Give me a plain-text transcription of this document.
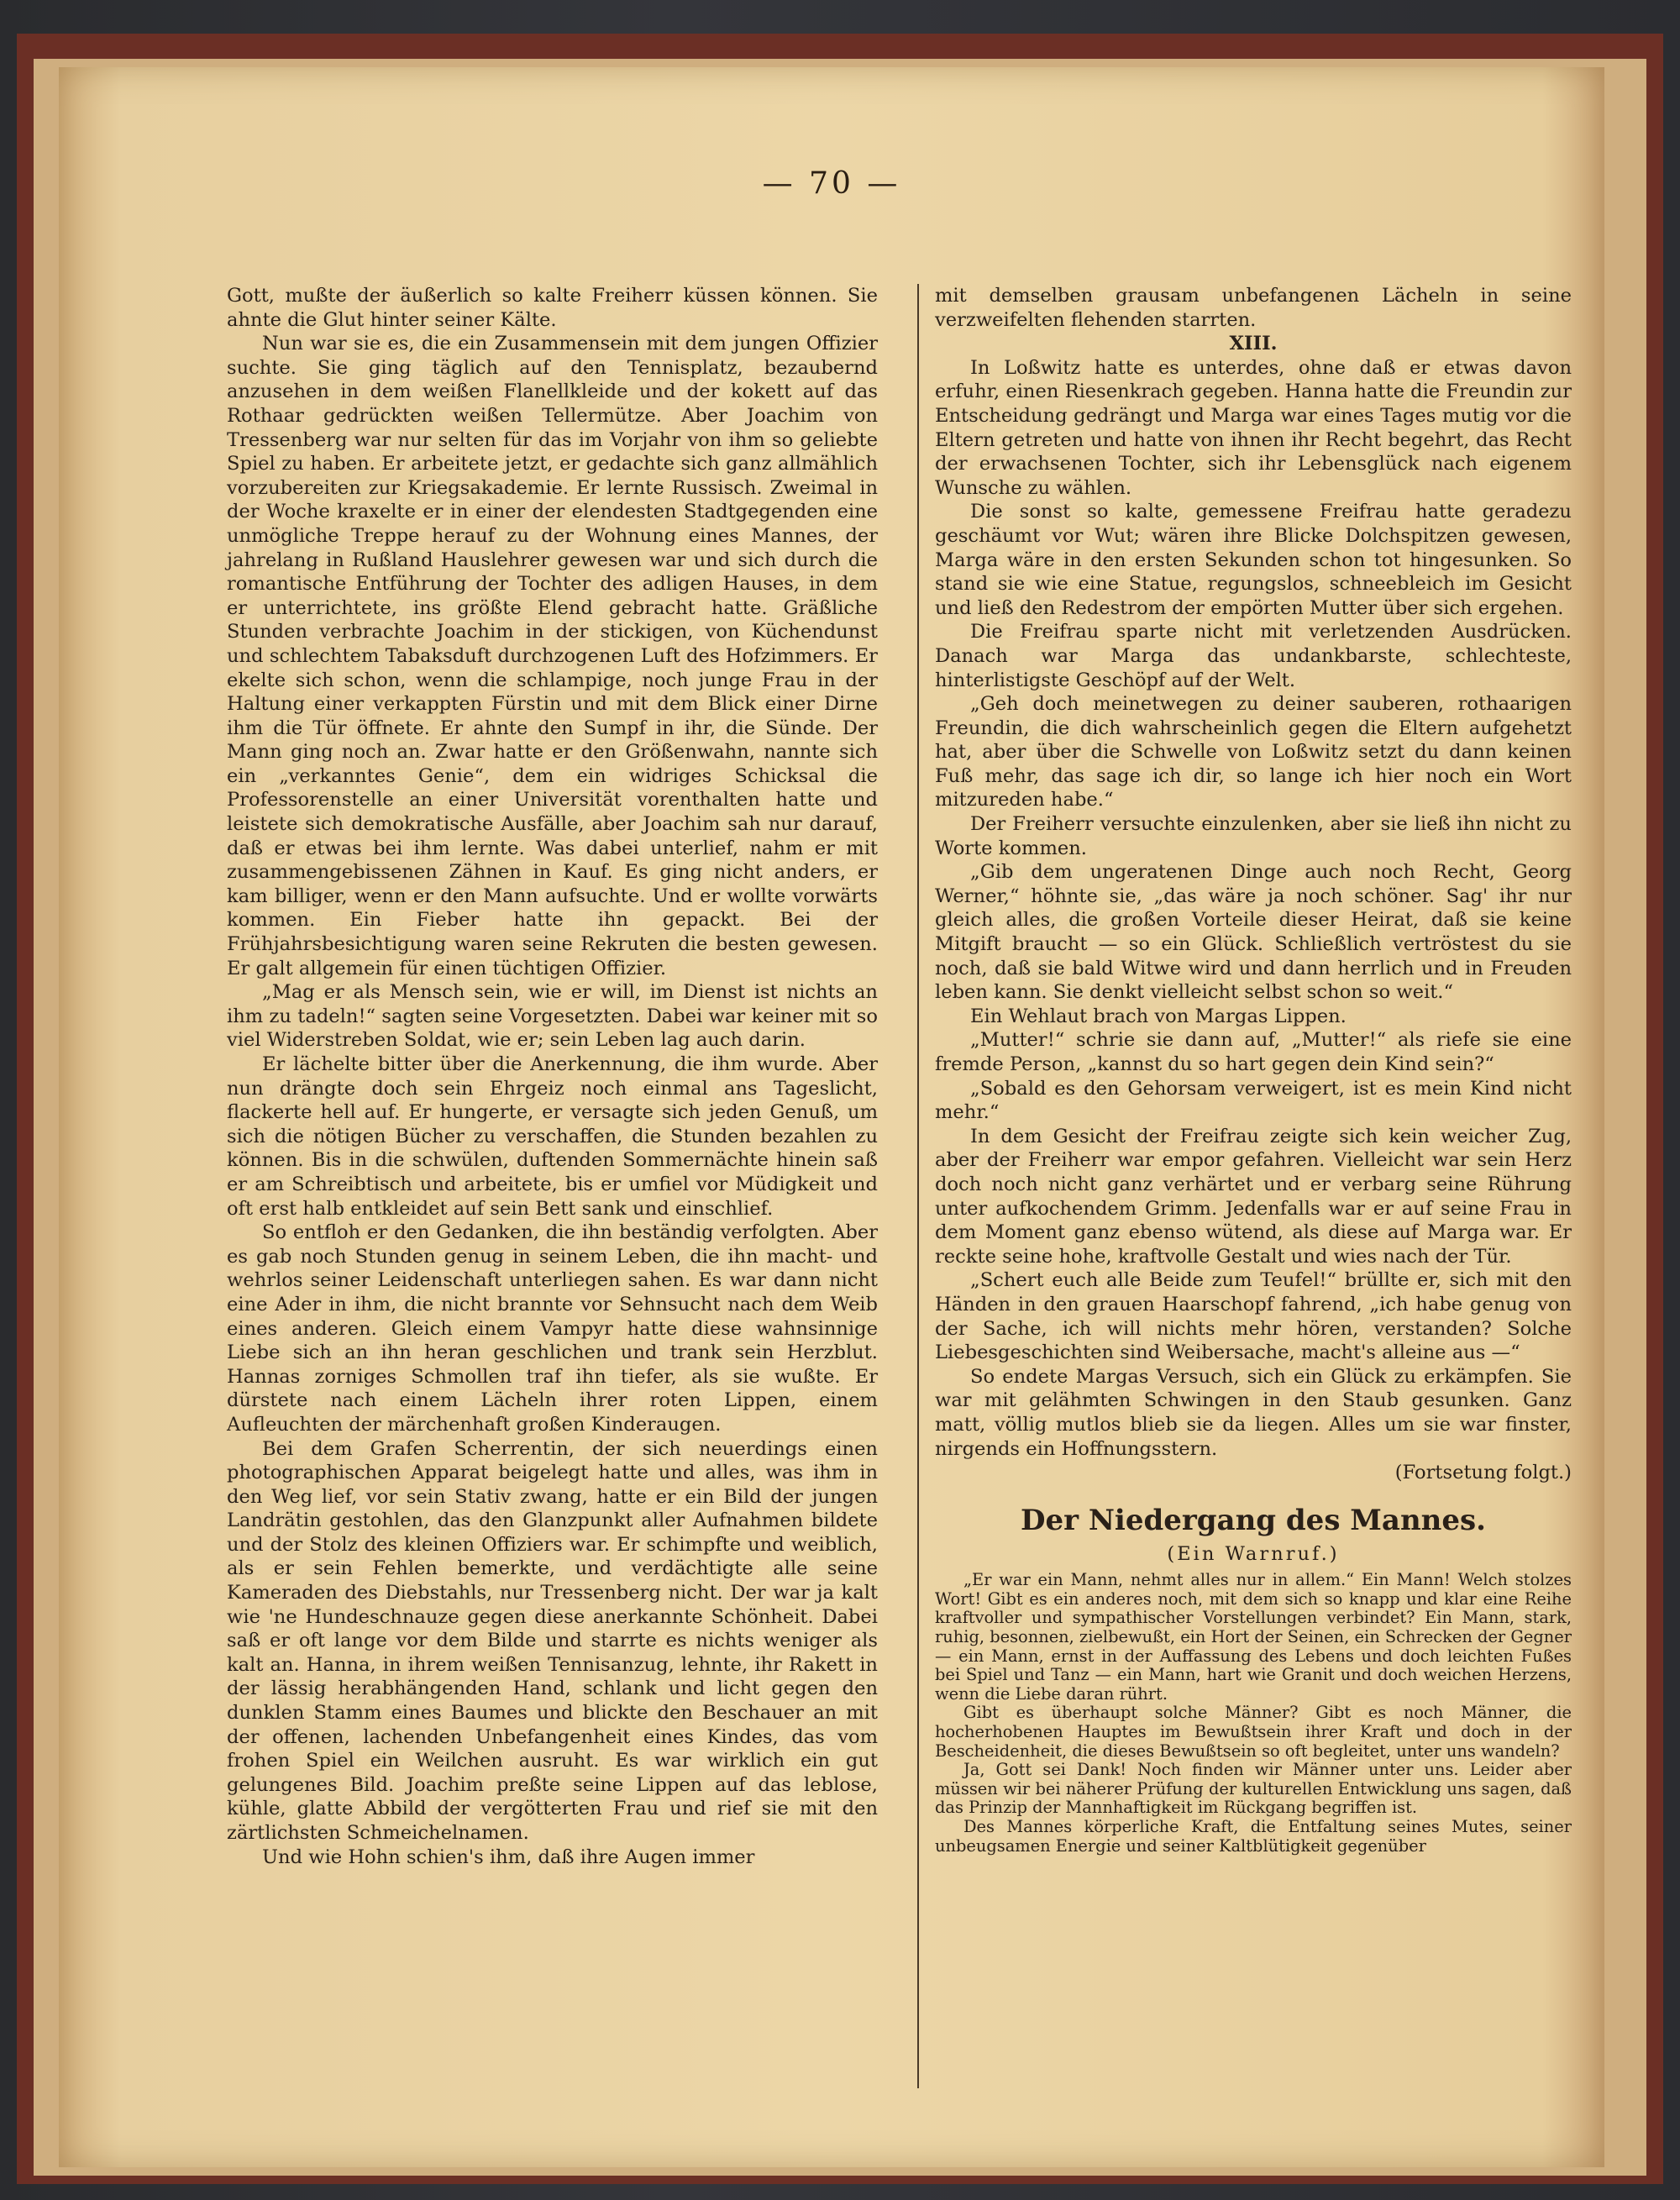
— 70 —

Gott, mußte der äußerlich so kalte Freiherr küssen können. Sie ahnte die Glut hinter seiner Kälte.

Nun war sie es, die ein Zusammensein mit dem jungen Offizier suchte. Sie ging täglich auf den Tennisplatz, bezaubernd anzusehen in dem weißen Flanellkleide und der kokett auf das Rothaar gedrückten weißen Tellermütze. Aber Joachim von Tressenberg war nur selten für das im Vorjahr von ihm so geliebte Spiel zu haben. Er arbeitete jetzt, er gedachte sich ganz allmählich vorzubereiten zur Kriegsakademie. Er lernte Russisch. Zweimal in der Woche kraxelte er in einer der elendesten Stadtgegenden eine unmögliche Treppe herauf zu der Wohnung eines Mannes, der jahrelang in Rußland Hauslehrer gewesen war und sich durch die romantische Entführung der Tochter des adligen Hauses, in dem er unterrichtete, ins größte Elend gebracht hatte. Gräßliche Stunden verbrachte Joachim in der stickigen, von Küchendunst und schlechtem Tabaksduft durchzogenen Luft des Hofzimmers. Er ekelte sich schon, wenn die schlampige, noch junge Frau in der Haltung einer verkappten Fürstin und mit dem Blick einer Dirne ihm die Tür öffnete. Er ahnte den Sumpf in ihr, die Sünde. Der Mann ging noch an. Zwar hatte er den Größenwahn, nannte sich ein „verkanntes Genie“, dem ein widriges Schicksal die Professorenstelle an einer Universität vorenthalten hatte und leistete sich demokratische Ausfälle, aber Joachim sah nur darauf, daß er etwas bei ihm lernte. Was dabei unterlief, nahm er mit zusammengebissenen Zähnen in Kauf. Es ging nicht anders, er kam billiger, wenn er den Mann aufsuchte. Und er wollte vorwärts kommen. Ein Fieber hatte ihn gepackt. Bei der Frühjahrsbesichtigung waren seine Rekruten die besten gewesen. Er galt allgemein für einen tüchtigen Offizier.

„Mag er als Mensch sein, wie er will, im Dienst ist nichts an ihm zu tadeln!“ sagten seine Vorgesetzten. Dabei war keiner mit so viel Widerstreben Soldat, wie er; sein Leben lag auch darin.

Er lächelte bitter über die Anerkennung, die ihm wurde. Aber nun drängte doch sein Ehrgeiz noch einmal ans Tageslicht, flackerte hell auf. Er hungerte, er versagte sich jeden Genuß, um sich die nötigen Bücher zu verschaffen, die Stunden bezahlen zu können. Bis in die schwülen, duftenden Sommernächte hinein saß er am Schreibtisch und arbeitete, bis er umfiel vor Müdigkeit und oft erst halb entkleidet auf sein Bett sank und einschlief.

So entfloh er den Gedanken, die ihn beständig verfolgten. Aber es gab noch Stunden genug in seinem Leben, die ihn macht- und wehrlos seiner Leidenschaft unterliegen sahen. Es war dann nicht eine Ader in ihm, die nicht brannte vor Sehnsucht nach dem Weib eines anderen. Gleich einem Vampyr hatte diese wahnsinnige Liebe sich an ihn heran geschlichen und trank sein Herzblut. Hannas zorniges Schmollen traf ihn tiefer, als sie wußte. Er dürstete nach einem Lächeln ihrer roten Lippen, einem Aufleuchten der märchenhaft großen Kinderaugen.

Bei dem Grafen Scherrentin, der sich neuerdings einen photographischen Apparat beigelegt hatte und alles, was ihm in den Weg lief, vor sein Stativ zwang, hatte er ein Bild der jungen Landrätin gestohlen, das den Glanzpunkt aller Aufnahmen bildete und der Stolz des kleinen Offiziers war. Er schimpfte und weiblich, als er sein Fehlen bemerkte, und verdächtigte alle seine Kameraden des Diebstahls, nur Tressenberg nicht. Der war ja kalt wie 'ne Hundeschnauze gegen diese anerkannte Schönheit. Dabei saß er oft lange vor dem Bilde und starrte es nichts weniger als kalt an. Hanna, in ihrem weißen Tennisanzug, lehnte, ihr Rakett in der lässig herabhängenden Hand, schlank und licht gegen den dunklen Stamm eines Baumes und blickte den Beschauer an mit der offenen, lachenden Unbefangenheit eines Kindes, das vom frohen Spiel ein Weilchen ausruht. Es war wirklich ein gut gelungenes Bild. Joachim preßte seine Lippen auf das leblose, kühle, glatte Abbild der vergötterten Frau und rief sie mit den zärtlichsten Schmeichelnamen.

Und wie Hohn schien's ihm, daß ihre Augen immer

mit demselben grausam unbefangenen Lächeln in seine verzweifelten flehenden starrten.

XIII.

In Loßwitz hatte es unterdes, ohne daß er etwas davon erfuhr, einen Riesenkrach gegeben. Hanna hatte die Freundin zur Entscheidung gedrängt und Marga war eines Tages mutig vor die Eltern getreten und hatte von ihnen ihr Recht begehrt, das Recht der erwachsenen Tochter, sich ihr Lebensglück nach eigenem Wunsche zu wählen.

Die sonst so kalte, gemessene Freifrau hatte geradezu geschäumt vor Wut; wären ihre Blicke Dolchspitzen gewesen, Marga wäre in den ersten Sekunden schon tot hingesunken. So stand sie wie eine Statue, regungslos, schneebleich im Gesicht und ließ den Redestrom der empörten Mutter über sich ergehen.

Die Freifrau sparte nicht mit verletzenden Ausdrücken. Danach war Marga das undankbarste, schlechteste, hinterlistigste Geschöpf auf der Welt.

„Geh doch meinetwegen zu deiner sauberen, rothaarigen Freundin, die dich wahrscheinlich gegen die Eltern aufgehetzt hat, aber über die Schwelle von Loßwitz setzt du dann keinen Fuß mehr, das sage ich dir, so lange ich hier noch ein Wort mitzureden habe.“

Der Freiherr versuchte einzulenken, aber sie ließ ihn nicht zu Worte kommen.

„Gib dem ungeratenen Dinge auch noch Recht, Georg Werner,“ höhnte sie, „das wäre ja noch schöner. Sag' ihr nur gleich alles, die großen Vorteile dieser Heirat, daß sie keine Mitgift braucht — so ein Glück. Schließlich vertröstest du sie noch, daß sie bald Witwe wird und dann herrlich und in Freuden leben kann. Sie denkt vielleicht selbst schon so weit.“

Ein Wehlaut brach von Margas Lippen.

„Mutter!“ schrie sie dann auf, „Mutter!“ als riefe sie eine fremde Person, „kannst du so hart gegen dein Kind sein?“

„Sobald es den Gehorsam verweigert, ist es mein Kind nicht mehr.“

In dem Gesicht der Freifrau zeigte sich kein weicher Zug, aber der Freiherr war empor gefahren. Vielleicht war sein Herz doch noch nicht ganz verhärtet und er verbarg seine Rührung unter aufkochendem Grimm. Jedenfalls war er auf seine Frau in dem Moment ganz ebenso wütend, als diese auf Marga war. Er reckte seine hohe, kraftvolle Gestalt und wies nach der Tür.

„Schert euch alle Beide zum Teufel!“ brüllte er, sich mit den Händen in den grauen Haarschopf fahrend, „ich habe genug von der Sache, ich will nichts mehr hören, verstanden? Solche Liebesgeschichten sind Weibersache, macht's alleine aus —“

So endete Margas Versuch, sich ein Glück zu erkämpfen. Sie war mit gelähmten Schwingen in den Staub gesunken. Ganz matt, völlig mutlos blieb sie da liegen. Alles um sie war finster, nirgends ein Hoffnungsstern.

(Fortsetung folgt.)

Der Niedergang des Mannes.
(Ein Warnruf.)

„Er war ein Mann, nehmt alles nur in allem.“ Ein Mann! Welch stolzes Wort! Gibt es ein anderes noch, mit dem sich so knapp und klar eine Reihe kraftvoller und sympathischer Vorstellungen verbindet? Ein Mann, stark, ruhig, besonnen, zielbewußt, ein Hort der Seinen, ein Schrecken der Gegner — ein Mann, ernst in der Auffassung des Lebens und doch leichten Fußes bei Spiel und Tanz — ein Mann, hart wie Granit und doch weichen Herzens, wenn die Liebe daran rührt.

Gibt es überhaupt solche Männer? Gibt es noch Männer, die hocherhobenen Hauptes im Bewußtsein ihrer Kraft und doch in der Bescheidenheit, die dieses Bewußtsein so oft begleitet, unter uns wandeln?

Ja, Gott sei Dank! Noch finden wir Männer unter uns. Leider aber müssen wir bei näherer Prüfung der kulturellen Entwicklung uns sagen, daß das Prinzip der Mannhaftigkeit im Rückgang begriffen ist.

Des Mannes körperliche Kraft, die Entfaltung seines Mutes, seiner unbeugsamen Energie und seiner Kaltblütigkeit gegenüber
